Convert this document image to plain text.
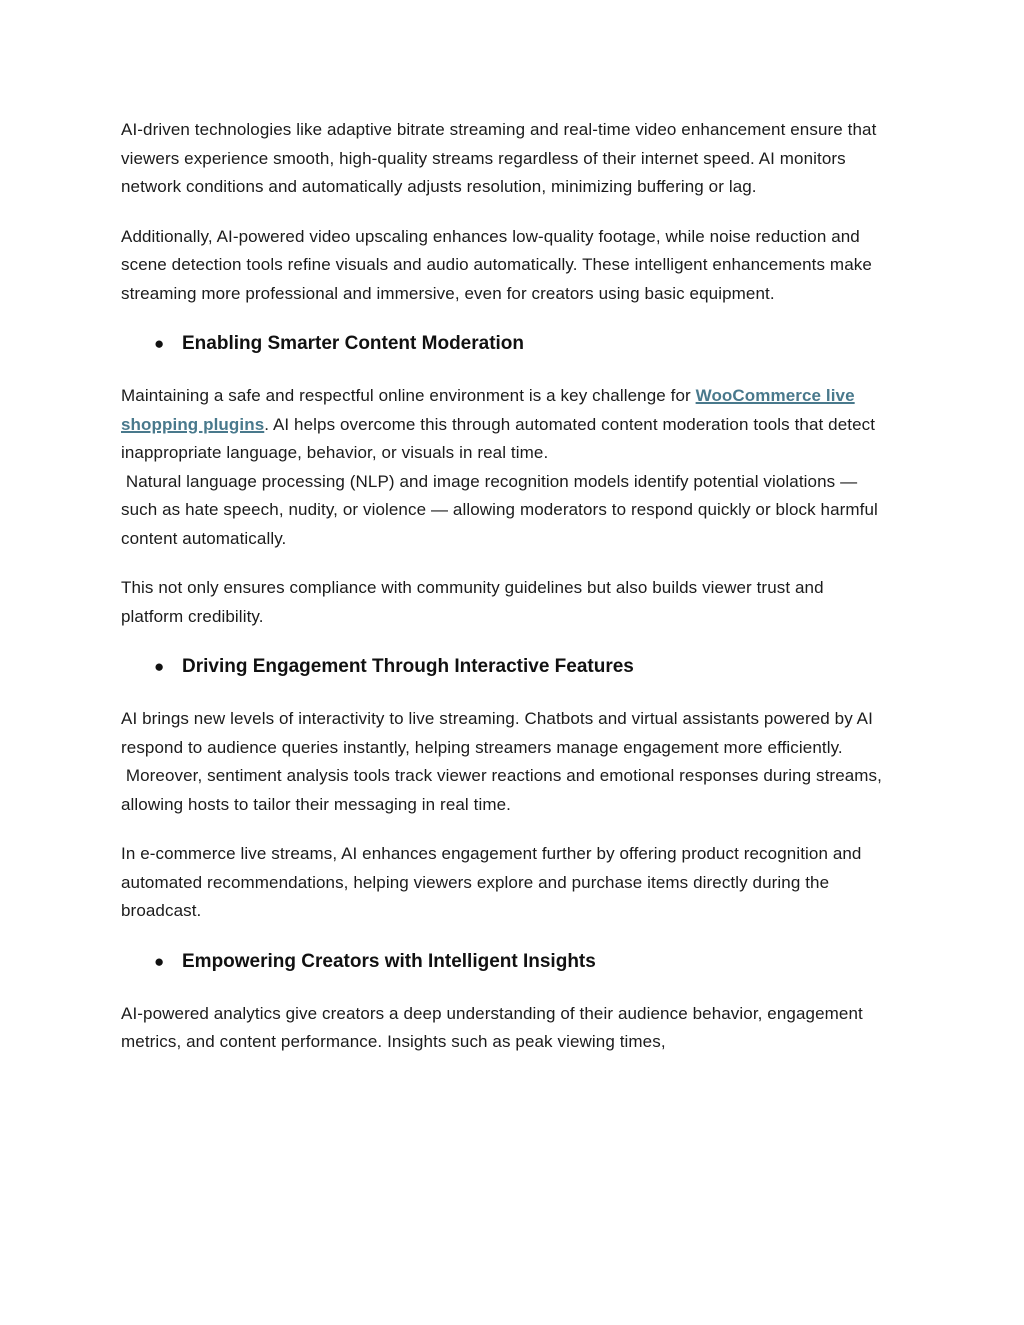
AI-driven technologies like adaptive bitrate streaming and real-time video enhancement ensure that viewers experience smooth, high-quality streams regardless of their internet speed. AI monitors network conditions and automatically adjusts resolution, minimizing buffering or lag.

Additionally, AI-powered video upscaling enhances low-quality footage, while noise reduction and scene detection tools refine visuals and audio automatically. These intelligent enhancements make streaming more professional and immersive, even for creators using basic equipment.

● Enabling Smarter Content Moderation

Maintaining a safe and respectful online environment is a key challenge for WooCommerce live shopping plugins. AI helps overcome this through automated content moderation tools that detect inappropriate language, behavior, or visuals in real time.
Natural language processing (NLP) and image recognition models identify potential violations — such as hate speech, nudity, or violence — allowing moderators to respond quickly or block harmful content automatically.

This not only ensures compliance with community guidelines but also builds viewer trust and platform credibility.

● Driving Engagement Through Interactive Features

AI brings new levels of interactivity to live streaming. Chatbots and virtual assistants powered by AI respond to audience queries instantly, helping streamers manage engagement more efficiently.
Moreover, sentiment analysis tools track viewer reactions and emotional responses during streams, allowing hosts to tailor their messaging in real time.

In e-commerce live streams, AI enhances engagement further by offering product recognition and automated recommendations, helping viewers explore and purchase items directly during the broadcast.

● Empowering Creators with Intelligent Insights

AI-powered analytics give creators a deep understanding of their audience behavior, engagement metrics, and content performance. Insights such as peak viewing times,
